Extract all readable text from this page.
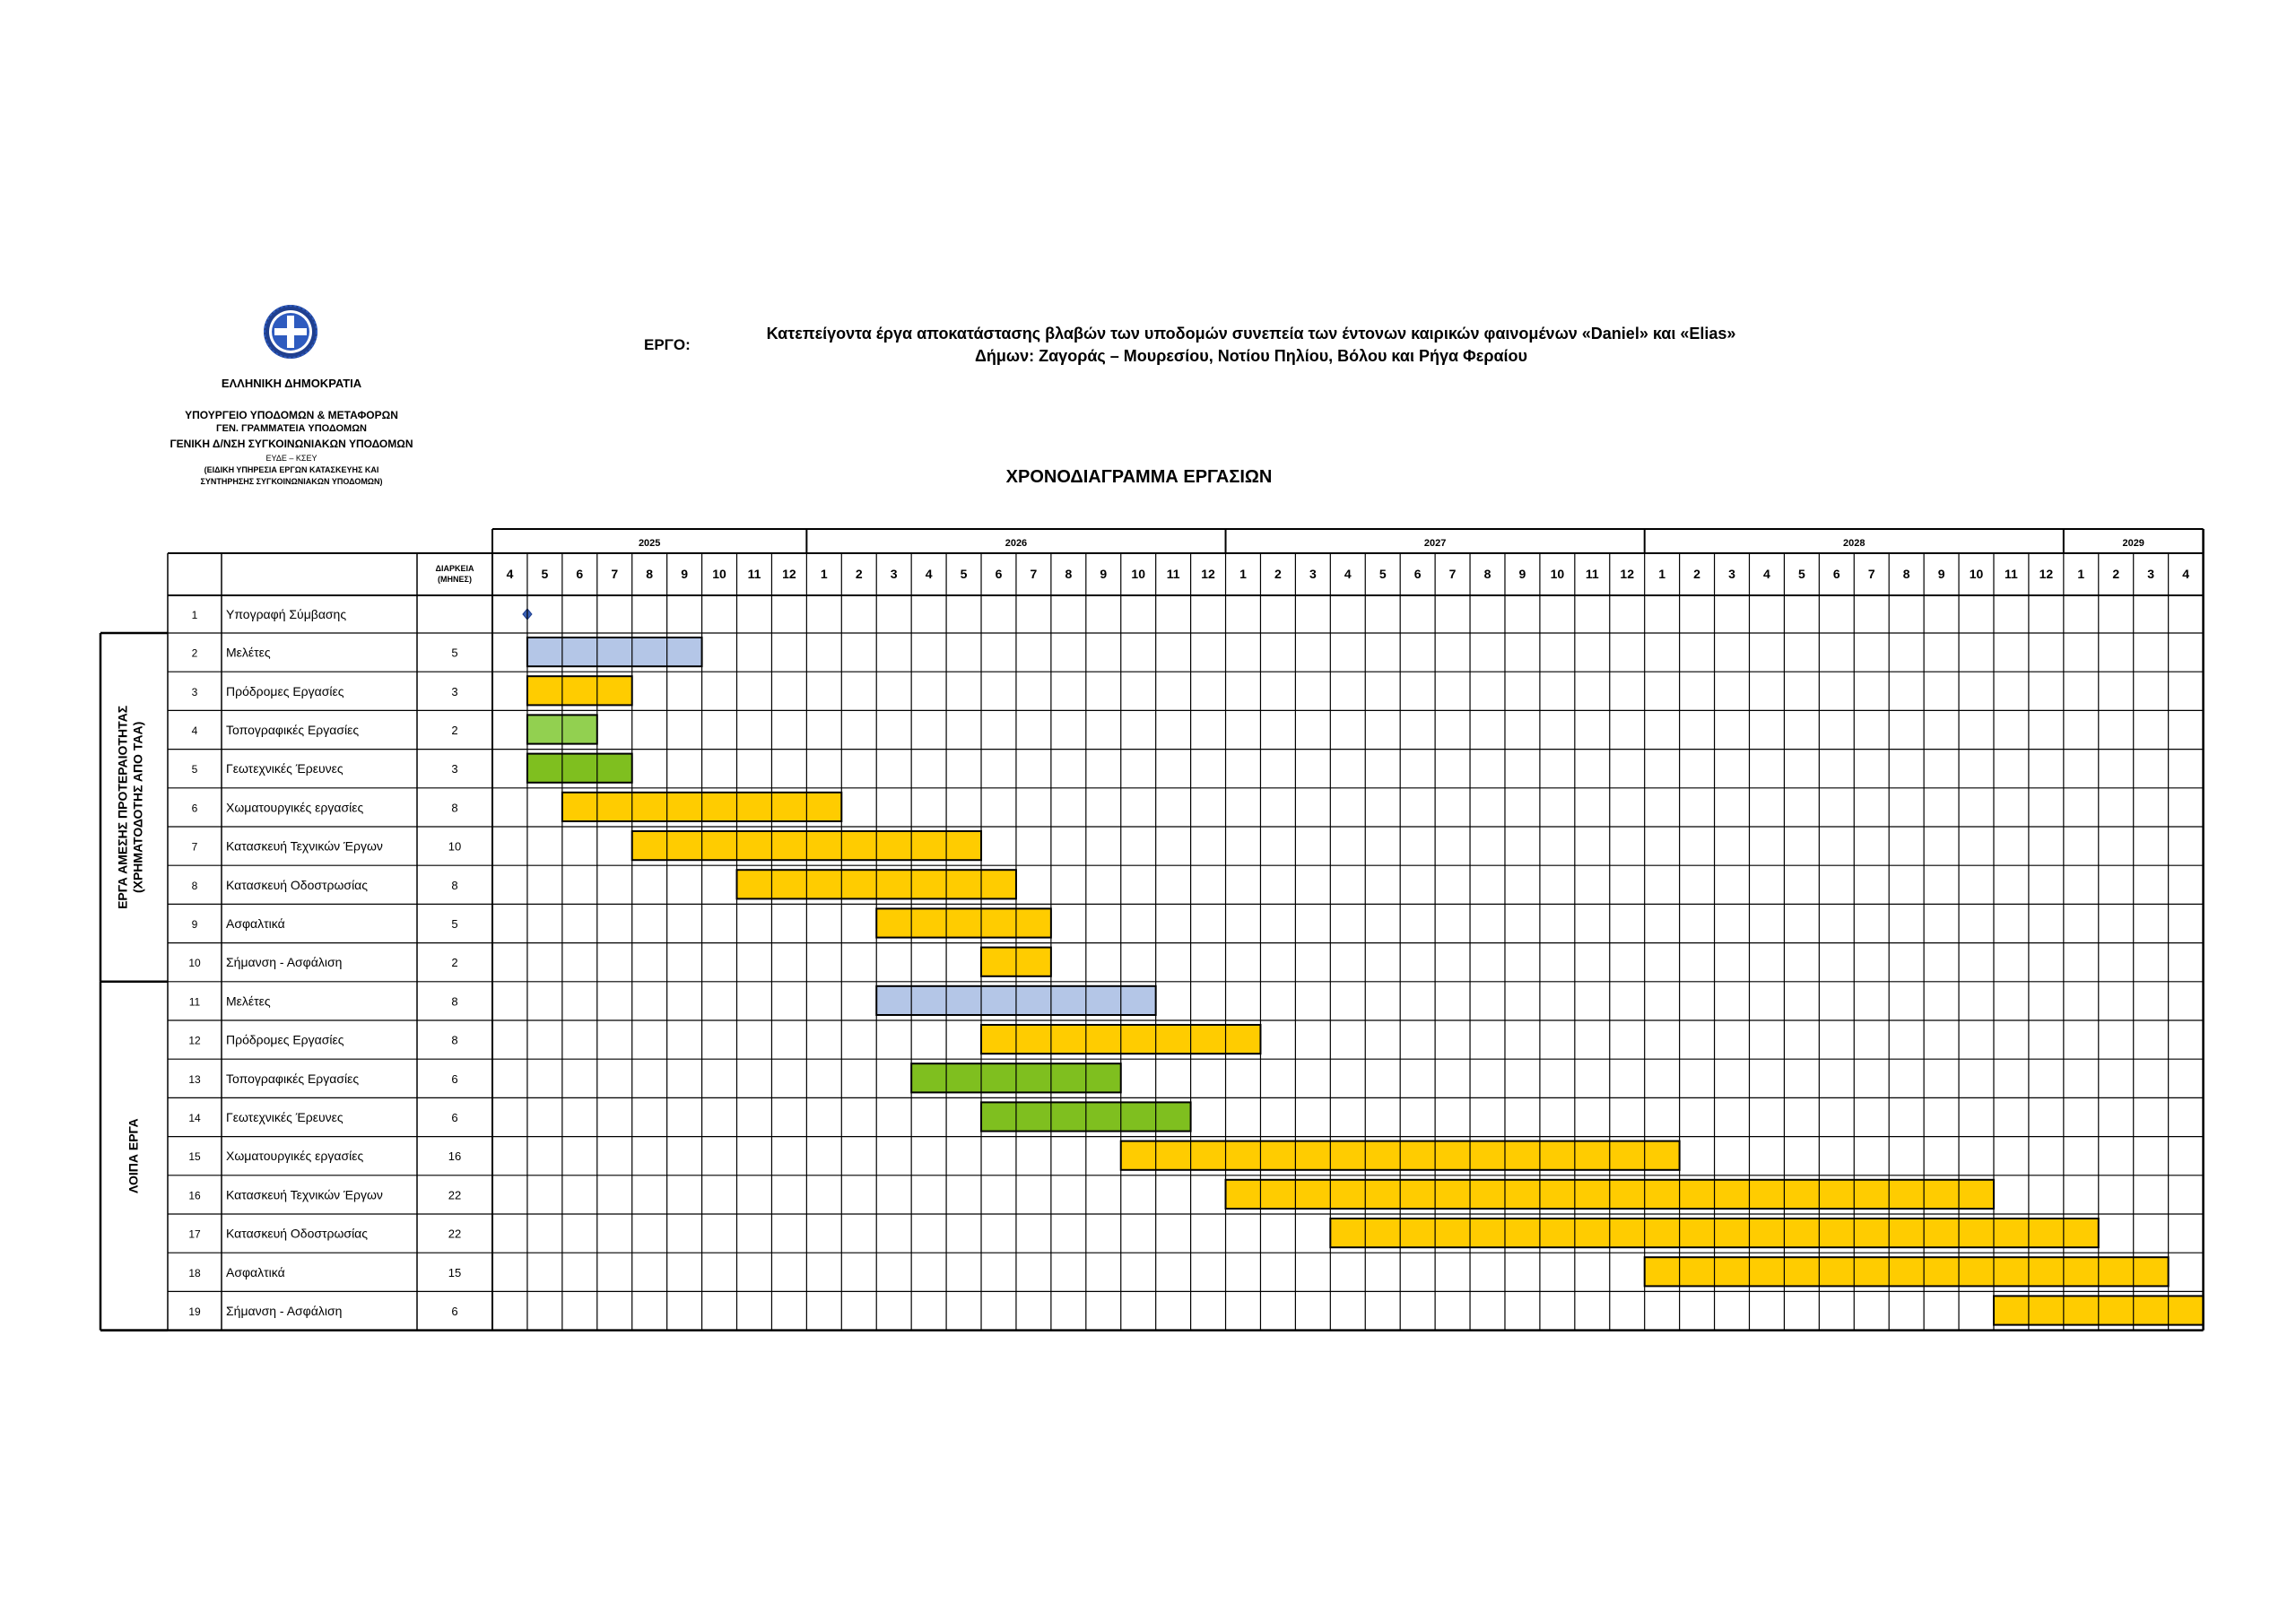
ΕΛΛΗΝΙΚΗ ΔΗΜΟΚΡΑΤΙΑ
ΥΠΟΥΡΓΕΙΟ ΥΠΟΔΟΜΩΝ & ΜΕΤΑΦΟΡΩΝ
ΓΕΝ. ΓΡΑΜΜΑΤΕΙΑ ΥΠΟΔΟΜΩΝ
ΓΕΝΙΚΗ Δ/ΝΣΗ ΣΥΓΚΟΙΝΩΝΙΑΚΩΝ ΥΠΟΔΟΜΩΝ
ΕΥΔΕ – ΚΣΕΥ
(ΕΙΔΙΚΗ ΥΠΗΡΕΣΙΑ ΕΡΓΩΝ ΚΑΤΑΣΚΕΥΗΣ ΚΑΙ
ΣΥΝΤΗΡΗΣΗΣ ΣΥΓΚΟΙΝΩΝΙΑΚΩΝ ΥΠΟΔΟΜΩΝ)
ΕΡΓΟ:
Κατεπείγοντα έργα αποκατάστασης βλαβών των υποδομών συνεπεία των έντονων καιρικών φαινομένων «Daniel» και «Elias»
Δήμων: Ζαγοράς – Μουρεσίου, Νοτίου Πηλίου, Βόλου και Ρήγα Φεραίου
ΧΡΟΝΟΔΙΑΓΡΑΜΜΑ ΕΡΓΑΣΙΩΝ
2025	2026	2027	2028	2029
4 5 6 7 8 9 10 11 12 1 2 3 4 5 6 7 8 9 10 11 12 1 2 3 4 5 6 7 8 9 10 11 12 1 2 3 4 5 6 7 8 9 10 11 12 1 2 3 4
ΔΙΑΡΚΕΙΑ
(ΜΗΝΕΣ)
1 Υπογραφή Σύμβασης
2 Μελέτες	5
3 Πρόδρομες Εργασίες	3
4 Τοπογραφικές Εργασίες	2
5 Γεωτεχνικές Έρευνες	3
6 Χωματουργικές εργασίες	8
7 Κατασκευή Τεχνικών Έργων	10
8 Κατασκευή Οδοστρωσίας	8
9 Ασφαλτικά	5
10 Σήμανση - Ασφάλιση	2
11 Μελέτες	8
12 Πρόδρομες Εργασίες	8
13 Τοπογραφικές Εργασίες	6
14 Γεωτεχνικές Έρευνες	6
15 Χωματουργικές εργασίες	16
16 Κατασκευή Τεχνικών Έργων	22
17 Κατασκευή Οδοστρωσίας	22
18 Ασφαλτικά	15
19 Σήμανση - Ασφάλιση	6
ΕΡΓΑ ΑΜΕΣΗΣ ΠΡΟΤΕΡΑΙΟΤΗΤΑΣ (ΧΡΗΜΑΤΟΔΟΤΗΣ ΑΠΟ ΤΑΑ)
ΛΟΙΠΑ ΕΡΓΑ
